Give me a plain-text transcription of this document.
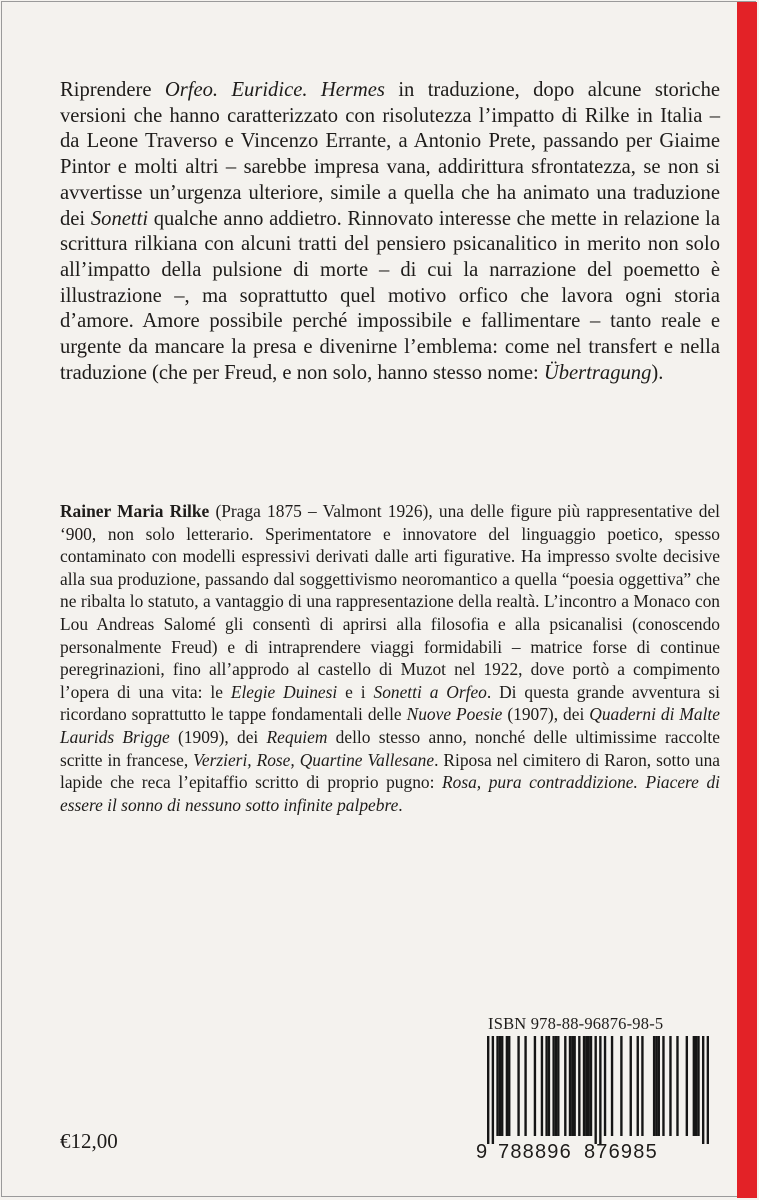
Riprendere Orfeo. Euridice. Hermes in traduzione, dopo alcune storiche versioni che hanno caratterizzato con risolutezza l’impatto di Rilke in Italia – da Leone Traverso e Vincenzo Errante, a Antonio Prete, passando per Giaime Pintor e molti altri – sarebbe impresa vana, addirittura sfrontatezza, se non si avvertisse un’urgenza ulteriore, simile a quella che ha animato una traduzione dei Sonetti qualche anno addietro. Rinnovato interesse che mette in relazione la scrittura rilkiana con alcuni tratti del pensiero psicanalitico in merito non solo all’impatto della pulsione di morte – di cui la narrazione del poemetto è illustrazione –, ma soprattutto quel motivo orfico che lavora ogni storia d’amore. Amore possibile perché impossibile e fallimentare – tanto reale e urgente da mancare la presa e divenirne l’emblema: come nel transfert e nella traduzione (che per Freud, e non solo, hanno stesso nome: Übertragung).

Rainer Maria Rilke (Praga 1875 – Valmont 1926), una delle figure più rappresentative del ‘900, non solo letterario. Sperimentatore e innovatore del linguaggio poetico, spesso contaminato con modelli espressivi derivati dalle arti figurative. Ha impresso svolte decisive alla sua produzione, passando dal soggettivismo neoromantico a quella “poesia oggettiva” che ne ribalta lo statuto, a vantaggio di una rappresentazione della realtà. L’incontro a Monaco con Lou Andreas Salomé gli consentì di aprirsi alla filosofia e alla psicanalisi (conoscendo personalmente Freud) e di intraprendere viaggi formidabili – matrice forse di continue peregrinazioni, fino all’approdo al castello di Muzot nel 1922, dove portò a compimento l’opera di una vita: le Elegie Duinesi e i Sonetti a Orfeo. Di questa grande avventura si ricordano soprattutto le tappe fondamentali delle Nuove Poesie (1907), dei Quaderni di Malte Laurids Brigge (1909), dei Requiem dello stesso anno, nonché delle ultimissime raccolte scritte in francese, Verzieri, Rose, Quartine Vallesane. Riposa nel cimitero di Raron, sotto una lapide che reca l’epitaffio scritto di proprio pugno: Rosa, pura contraddizione. Piacere di essere il sonno di nessuno sotto infinite palpebre.

ISBN 978-88-96876-98-5
9 788896 876985
€12,00
